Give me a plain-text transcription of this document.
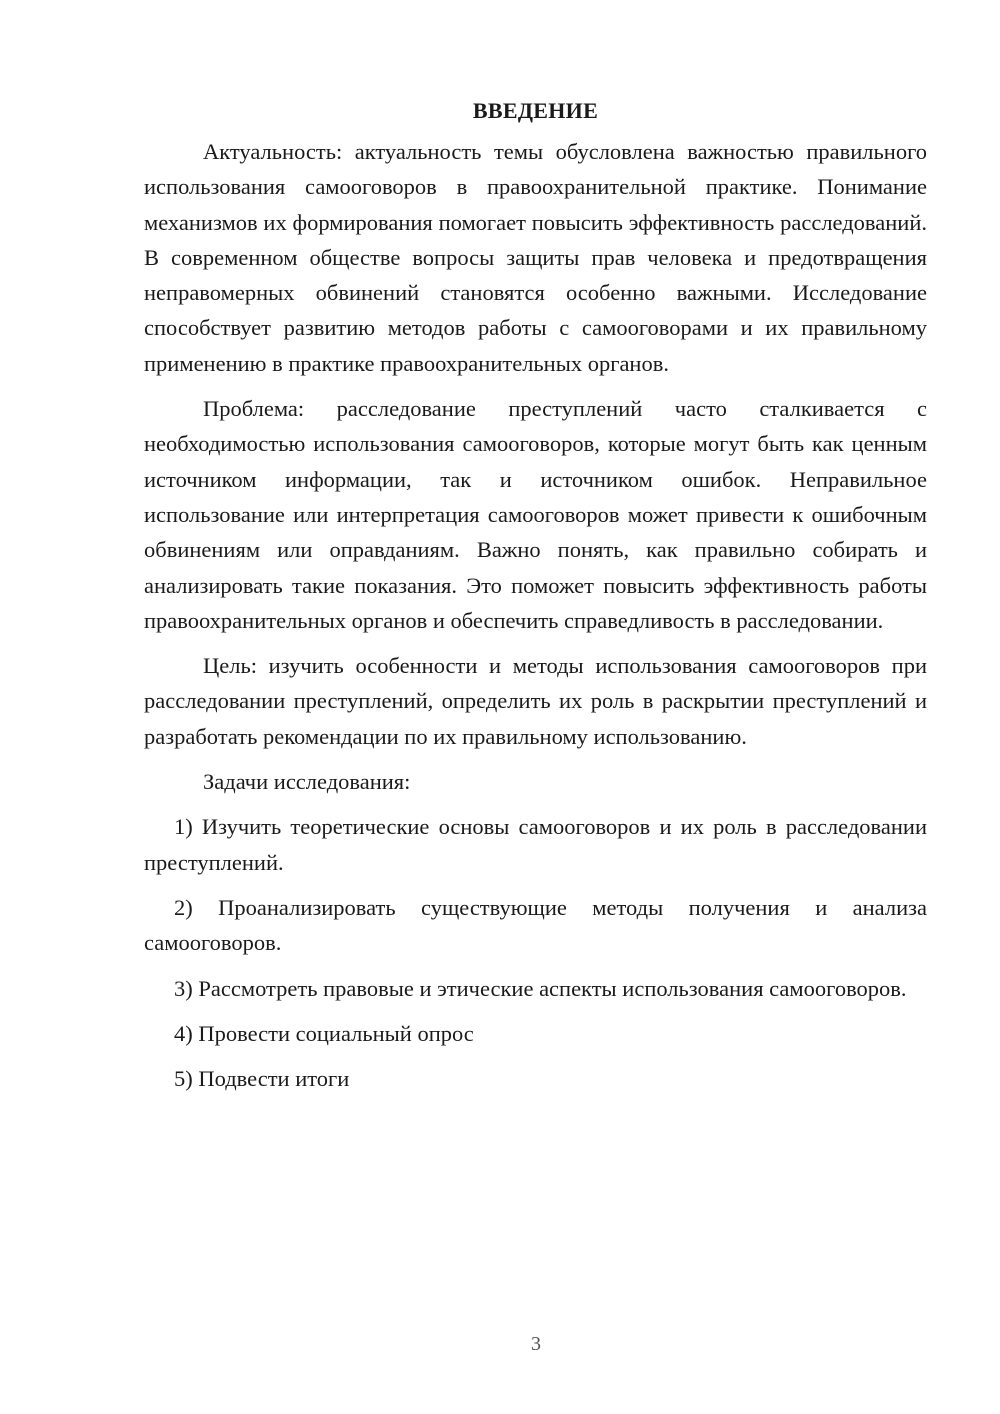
ВВЕДЕНИЕ

Актуальность: актуальность темы обусловлена важностью правильного использования самооговоров в правоохранительной практике. Понимание механизмов их формирования помогает повысить эффективность расследований. В современном обществе вопросы защиты прав человека и предотвращения неправомерных обвинений становятся особенно важными. Исследование способствует развитию методов работы с самооговорами и их правильному применению в практике правоохранительных органов.

Проблема: расследование преступлений часто сталкивается с необходимостью использования самооговоров, которые могут быть как ценным источником информации, так и источником ошибок. Неправильное использование или интерпретация самооговоров может привести к ошибочным обвинениям или оправданиям. Важно понять, как правильно собирать и анализировать такие показания. Это поможет повысить эффективность работы правоохранительных органов и обеспечить справедливость в расследовании.

Цель: изучить особенности и методы использования самооговоров при расследовании преступлений, определить их роль в раскрытии преступлений и разработать рекомендации по их правильному использованию.

Задачи исследования:

1) Изучить теоретические основы самооговоров и их роль в расследовании преступлений.

2) Проанализировать существующие методы получения и анализа самооговоров.

3) Рассмотреть правовые и этические аспекты использования самооговоров.

4) Провести социальный опрос

5) Подвести итоги

3
